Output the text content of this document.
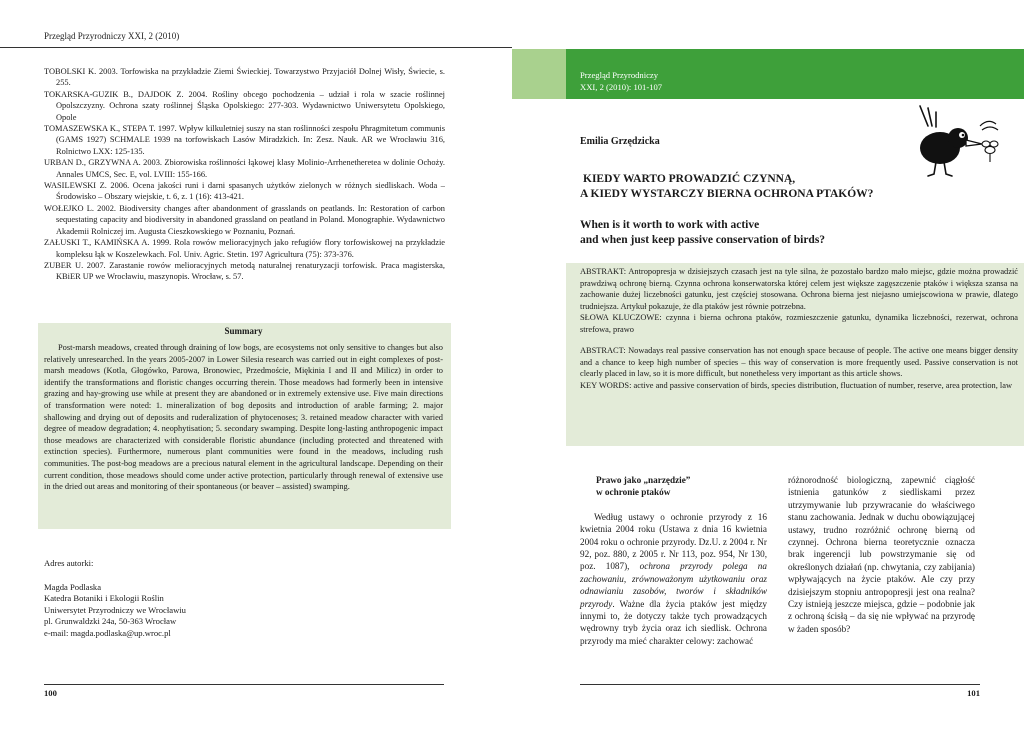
Przegląd Przyrodniczy XXI, 2 (2010)
TOBOLSKI K. 2003. Torfowiska na przykładzie Ziemi Świeckiej. Towarzystwo Przyjaciół Dolnej Wisły, Świecie, s. 255.
TOKARSKA-GUZIK B., DAJDOK Z. 2004. Rośliny obcego pochodzenia – udział i rola w szacie roślinnej Opolszczyzny. Ochrona szaty roślinnej Śląska Opolskiego: 277-303. Wydawnictwo Uniwersytetu Opolskiego, Opole
TOMASZEWSKA K., STEPA T. 1997. Wpływ kilkuletniej suszy na stan roślinności zespołu Phragmitetum communis (GAMS 1927) SCHMALE 1939 na torfowiskach Lasów Miradzkich. In: Zesz. Nauk. AR we Wrocławiu 316, Rolnictwo LXX: 125-135.
URBAN D., GRZYWNA A. 2003. Zbiorowiska roślinności łąkowej klasy Molinio-Arrhenetheretea w dolinie Ochoży. Annales UMCS, Sec. E, vol. LVIII: 155-166.
WASILEWSKI Z. 2006. Ocena jakości runi i darni spasanych użytków zielonych w różnych siedliskach. Woda – Środowisko – Obszary wiejskie, t. 6, z. 1 (16): 413-421.
WOŁEJKO L. 2002. Biodiversity changes after abandonment of grasslands on peatlands. In: Restoration of carbon sequestating capacity and biodiversity in abandoned grassland on peatland in Poland. Monographie. Wydawnictwo Akademii Rolniczej im. Augusta Cieszkowskiego w Poznaniu, Poznań.
ZAŁUSKI T., KAMIŃSKA A. 1999. Rola rowów melioracyjnych jako refugiów flory torfowiskowej na przykładzie kompleksu łąk w Koszelewkach. Fol. Univ. Agric. Stetin. 197 Agricultura (75): 373-376.
ZUBER U. 2007. Zarastanie rowów melioracyjnych metodą naturalnej renaturyzacji torfowisk. Praca magisterska, KBiER UP we Wrocławiu, maszynopis. Wrocław, s. 57.
Summary

Post-marsh meadows, created through draining of low bogs, are ecosystems not only sensitive to changes but also relatively unresearched. In the years 2005-2007 in Lower Silesia research was carried out in eight complexes of post-marsh meadows (Kotla, Głogówko, Parowa, Bronowiec, Przedmoście, Miękinia I and II and Milicz) in order to identify the transformations and floristic changes occurring therein. Those meadows had formerly been in intensive grazing and hay-growing use while at present they are abandoned or in extremely extensive use. Five main directions of transformation were noted: 1. mineralization of bog deposits and introduction of arable farming; 2. major shallowing and drying out of deposits and ruderalization of phytocenoses; 3. retained meadow character with varied degree of meadow degradation; 4. neophytisation; 5. secondary swamping. Despite long-lasting anthropogenic impact those meadows are characterized with considerable floristic abundance (including protected and threatened with extinction species). Furthermore, numerous plant communities were found in the meadows, including rush communities. The post-bog meadows are a precious natural element in the agricultural landscape. Depending on their current condition, those meadows should come under active protection, particularly through renewal of extensive use in the dried out areas and monitoring of their spontaneous (or beaver – assisted) swamping.

Adres autorki:
Magda Podlaska
Katedra Botaniki i Ekologii Roślin
Uniwersytet Przyrodniczy we Wrocławiu
pl. Grunwaldzki 24a, 50-363 Wrocław
e-mail: magda.podlaska@up.wroc.pl
100
Przegląd Przyrodniczy
XXI, 2 (2010): 101-107
Emilia Grzędzicka
KIEDY WARTO PROWADZIĆ CZYNNĄ,
A KIEDY WYSTARCZY BIERNA OCHRONA PTAKÓW?
When is it worth to work with active
and when just keep passive conservation of birds?

ABSTRAKT: Antropopresja w dzisiejszych czasach jest na tyle silna, że pozostało bardzo mało miejsc, gdzie można prowadzić prawdziwą ochronę bierną. Czynna ochrona konserwatorska której celem jest większe zagęszczenie ptaków i większa szansa na zachowanie dużej liczebności gatunku, jest częściej stosowana. Ochrona bierna jest niejasno umiejscowiona w prawie, dlatego trudniejsza. Artykuł pokazuje, że dla ptaków jest równie potrzebna.

SŁOWA KLUCZOWE: czynna i bierna ochrona ptaków, rozmieszczenie gatunku, dynamika liczebności, rezerwat, ochrona strefowa, prawo

ABSTRACT: Nowadays real passive conservation has not enough space because of people. The active one means bigger density and a chance to keep high number of species – this way of conservation is more frequently used. Passive conservation is not clearly placed in law, so it is more difficult, but nonetheless very important as this article shows.

KEY WORDS: active and passive conservation of birds, species distribution, fluctuation of number, reserve, area protection, law

Prawo jako „narzędzie”
w ochronie ptaków

Według ustawy o ochronie przyrody z 16 kwietnia 2004 roku (Ustawa z dnia 16 kwietnia 2004 roku o ochronie przyrody. Dz.U. z 2004 r. Nr 92, poz. 880, z 2005 r. Nr 113, poz. 954, Nr 130, poz. 1087), ochrona przyrody polega na zachowaniu, zrównoważonym użytkowaniu oraz odnawianiu zasobów, tworów i składników przyrody. Ważne dla życia ptaków jest między innymi to, że dotyczy także tych prowadzących wędrowny tryb życia oraz ich siedlisk. Ochrona przyrody ma mieć charakter celowy: zachować

różnorodność biologiczną, zapewnić ciągłość istnienia gatunków z siedliskami przez utrzymywanie lub przywracanie do właściwego stanu zachowania. Jednak w duchu obowiązującej ustawy, trudno rozróżnić ochronę bierną od czynnej. Ochrona bierna teoretycznie oznacza brak ingerencji lub powstrzymanie się od określonych działań (np. chwytania, czy zabijania) wpływających na życie ptaków. Ale czy przy dzisiejszym stopniu antropopresji jest ona realna? Czy istnieją jeszcze miejsca, gdzie – podobnie jak z ochroną ścisłą – da się nie wpływać na przyrodę w żaden sposób?

101
